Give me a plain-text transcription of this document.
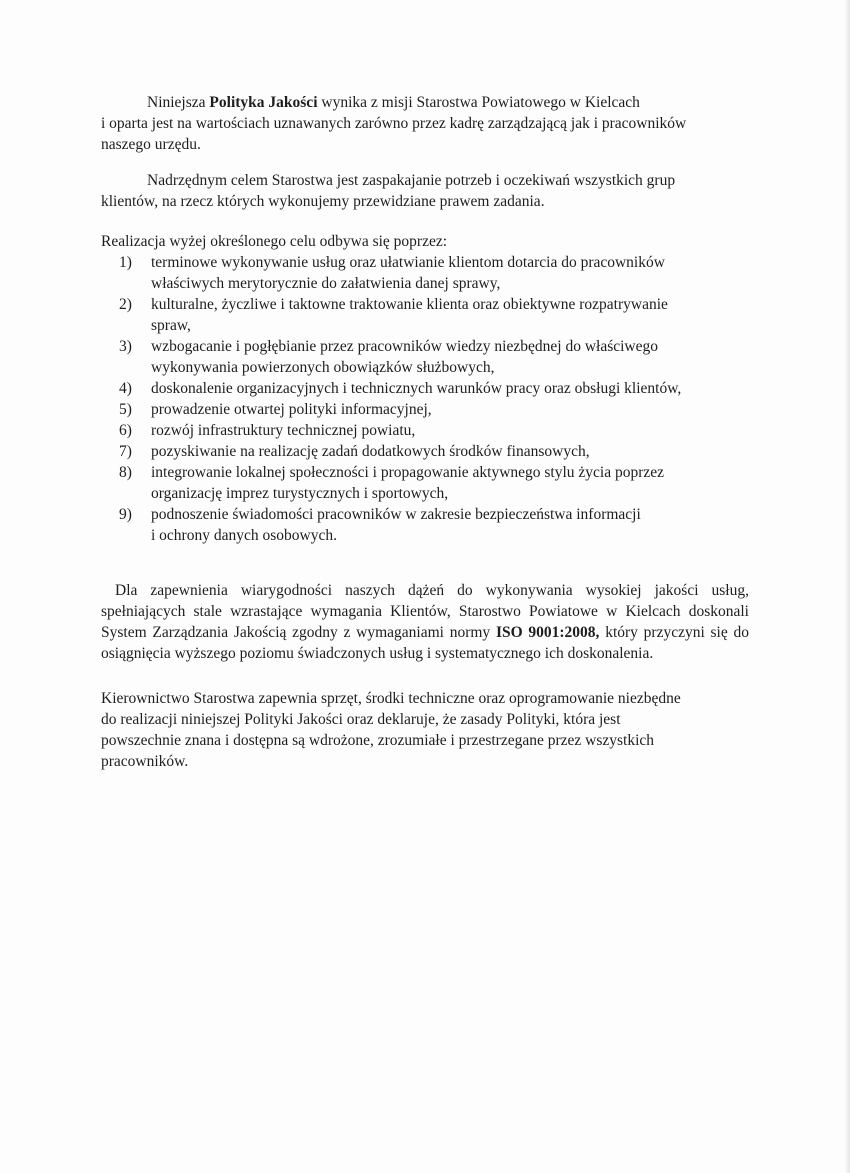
Niniejsza Polityka Jakości wynika z misji Starostwa Powiatowego w Kielcach
i oparta jest na wartościach uznawanych zarówno przez kadrę zarządzającą jak i pracowników
naszego urzędu.

Nadrzędnym celem Starostwa jest zaspakajanie potrzeb i oczekiwań wszystkich grup
klientów, na rzecz których wykonujemy przewidziane prawem zadania.

Realizacja wyżej określonego celu odbywa się poprzez:

1)	terminowe wykonywanie usług oraz ułatwianie klientom dotarcia do pracowników
właściwych merytorycznie do załatwienia danej sprawy,
2)	kulturalne, życzliwe i taktowne traktowanie klienta oraz obiektywne rozpatrywanie
spraw,
3)	wzbogacanie i pogłębianie przez pracowników wiedzy niezbędnej do właściwego
wykonywania powierzonych obowiązków służbowych,
4)	doskonalenie organizacyjnych i technicznych warunków pracy oraz obsługi klientów,
5)	prowadzenie otwartej polityki informacyjnej,
6)	rozwój infrastruktury technicznej powiatu,
7)	pozyskiwanie na realizację zadań dodatkowych środków finansowych,
8)	integrowanie lokalnej społeczności i propagowanie aktywnego stylu życia poprzez
organizację imprez turystycznych i sportowych,
9)	podnoszenie świadomości pracowników w zakresie bezpieczeństwa informacji
i ochrony danych osobowych.

Dla zapewnienia wiarygodności naszych dążeń do wykonywania wysokiej jakości usług, spełniających stale wzrastające wymagania Klientów, Starostwo Powiatowe w Kielcach doskonali System Zarządzania Jakością zgodny z wymaganiami normy ISO 9001:2008, który przyczyni się do osiągnięcia wyższego poziomu świadczonych usług i systematycznego ich doskonalenia.

Kierownictwo Starostwa zapewnia sprzęt, środki techniczne oraz oprogramowanie niezbędne
do realizacji niniejszej Polityki Jakości oraz deklaruje, że zasady Polityki, która jest
powszechnie znana i dostępna są wdrożone, zrozumiałe i przestrzegane przez wszystkich
pracowników.
